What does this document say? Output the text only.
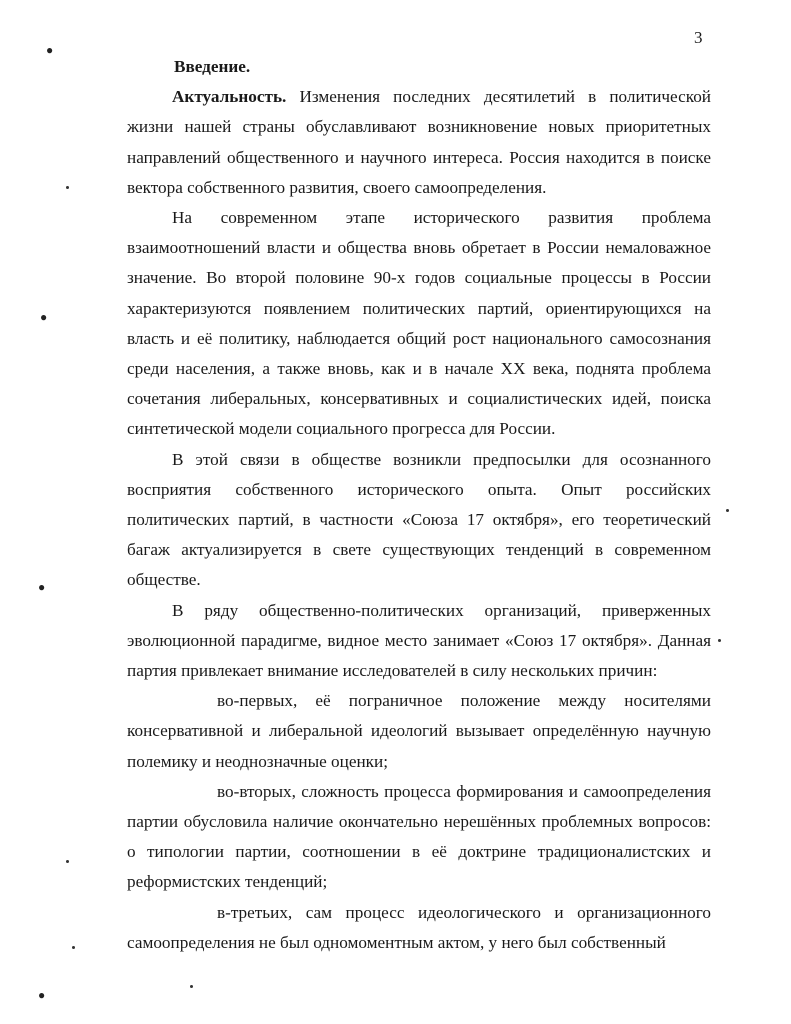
●
●
●
●
3

Введение.

Актуальность. Изменения последних десятилетий в политической жизни нашей страны обуславливают возникновение новых приоритетных направлений общественного и научного интереса. Россия находится в поиске вектора собственного развития, своего самоопределения.

На современном этапе исторического развития проблема взаимоотношений власти и общества вновь обретает в России немаловажное значение. Во второй половине 90-х годов социальные процессы в России характеризуются появлением политических партий, ориентирующихся на власть и её политику, наблюдается общий рост национального самосознания среди населения, а также вновь, как и в начале XX века, поднята проблема сочетания либеральных, консервативных и социалистических идей, поиска синтетической модели социального прогресса для России.

В этой связи в обществе возникли предпосылки для осознанного восприятия собственного исторического опыта. Опыт российских политических партий, в частности «Союза 17 октября», его теоретический багаж актуализируется в свете существующих тенденций в современном обществе.

В ряду общественно-политических организаций, приверженных эволюционной парадигме, видное место занимает «Союз 17 октября». Данная партия привлекает внимание исследователей в силу нескольких причин:

во-первых, её пограничное положение между носителями консервативной и либеральной идеологий вызывает определённую научную полемику и неоднозначные оценки;

во-вторых, сложность процесса формирования и самоопределения партии обусловила наличие окончательно нерешённых проблемных вопросов: о типологии партии, соотношении в её доктрине традиционалистских и реформистских тенденций;

в-третьих, сам процесс идеологического и организационного самоопределения не был одномоментным актом, у него был собственный
